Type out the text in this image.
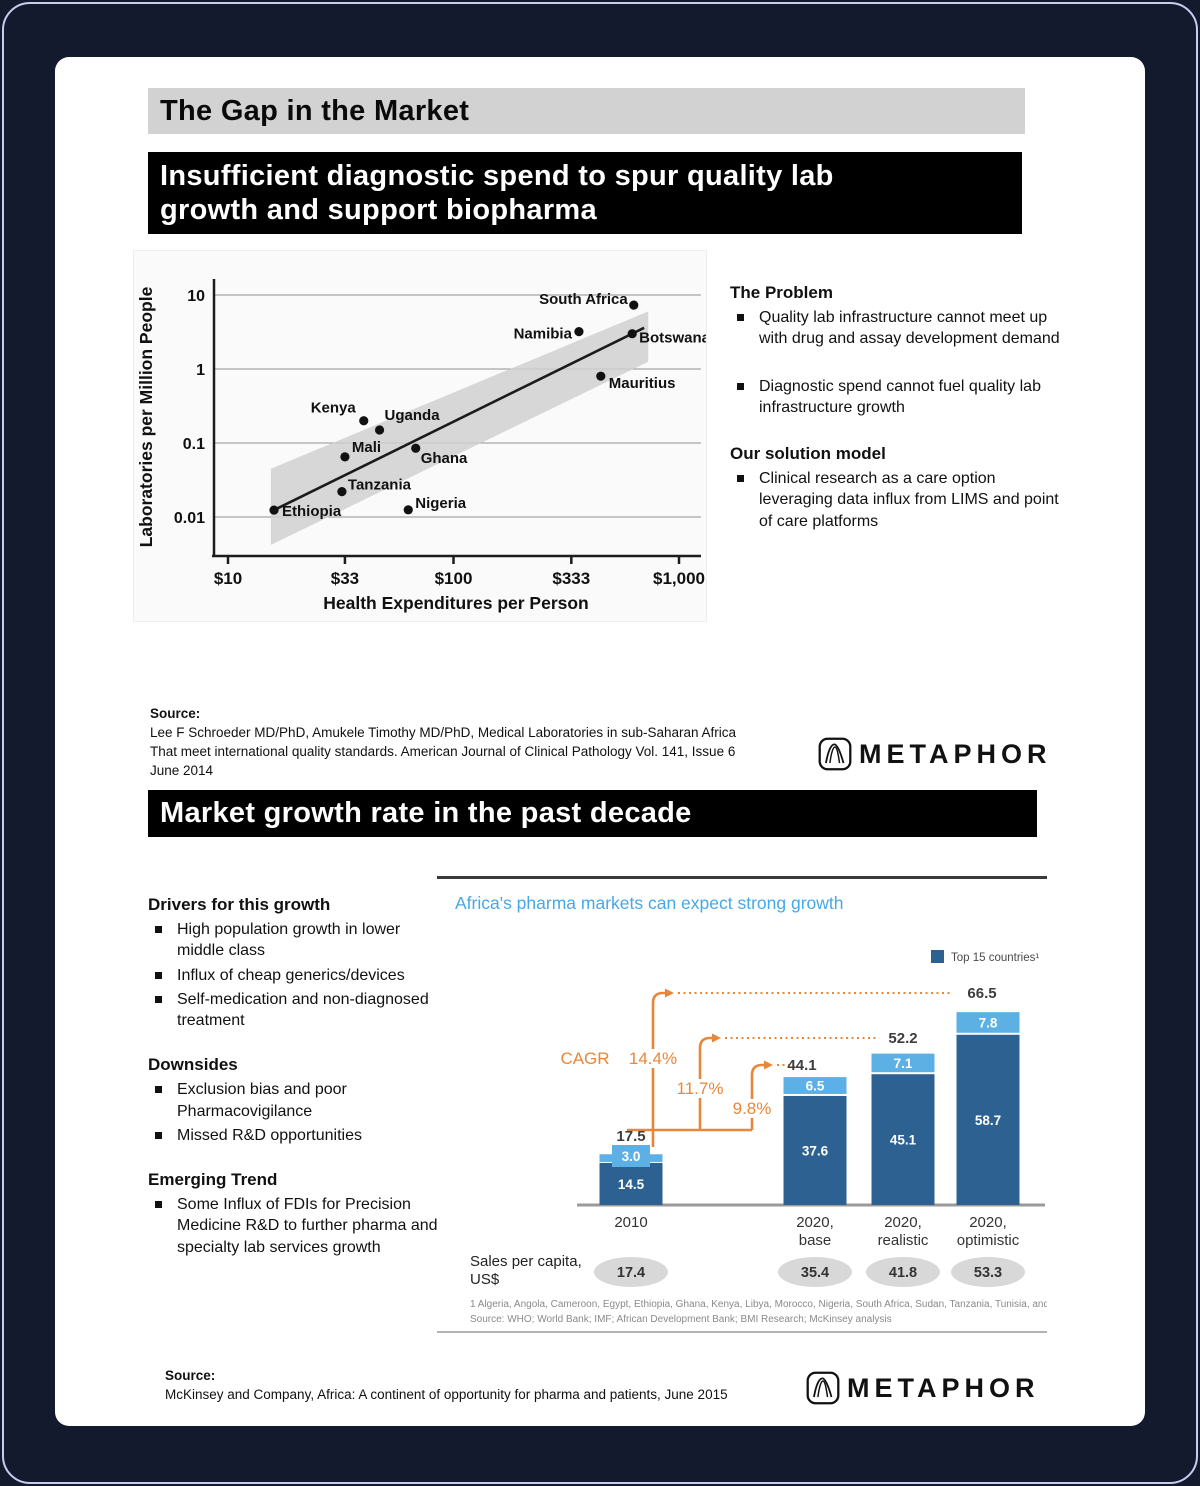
The Gap in the Market
Insufficient diagnostic spend to spur quality lab
growth and support biopharma
10
1
0.1
0.01
$10	$33	$100	$333	$1,000
Health Expenditures per Person
Laboratories per Million People	Ethiopia
Tanzania
Mali
Kenya Uganda
Ghana
Nigeria
Namibia
South Africa
Botswana
Mauritius
The Problem
Quality lab infrastructure cannot meet up with drug and assay development demand
Diagnostic spend cannot fuel quality lab infrastructure growth
Our solution model
Clinical research as a care option leveraging data influx from LIMS and point of care platforms
Source:
Lee F Schroeder MD/PhD, Amukele Timothy MD/PhD, Medical Laboratories in sub-Saharan Africa
That meet international quality standards. American Journal of Clinical Pathology Vol. 141, Issue 6
June 2014
METAPHOR
Market growth rate in the past decade
Drivers for this growth
High population growth in lower middle class
Influx of cheap generics/devices
Self-medication and non-diagnosed treatment
Downsides
Exclusion bias and poor Pharmacovigilance
Missed R&D opportunities
Emerging Trend
Some Influx of FDIs for Precision Medicine R&D to further pharma and specialty lab services growth
Africa's pharma markets can expect strong growth
Top 15 countries¹
14.4%
11.7%
9.8%
CAGR
3.0
14.5
17.5
2010
17.4
6.5
37.6
44.1
2020, base
35.4
7.1
45.1
52.2
2020, realistic
41.8
7.8
58.7
66.5
2020, optimistic
53.3
Sales per capita, US$
1 Algeria, Angola, Cameroon, Egypt, Ethiopia, Ghana, Kenya, Libya, Morocco, Nigeria, South Africa, Sudan, Tanzania, Tunisia, and Uganda
Source: WHO; World Bank; IMF; African Development Bank; BMI Research; McKinsey analysis
Source:
McKinsey and Company, Africa: A continent of opportunity for pharma and patients, June 2015	METAPHOR
